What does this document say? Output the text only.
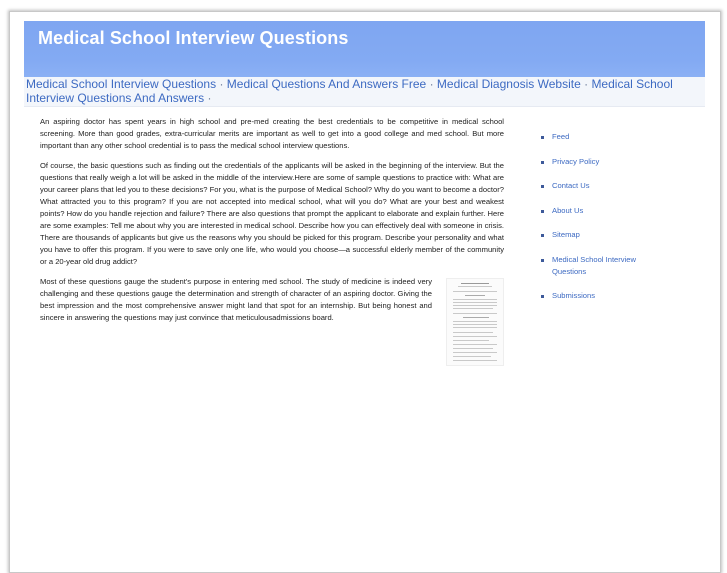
Medical School Interview Questions
Medical School Interview Questions · Medical Questions And Answers Free · Medical Diagnosis Website · Medical School Interview Questions And Answers ·

An aspiring doctor has spent years in high school and pre-med creating the best credentials to be competitive in medical school screening. More than good grades, extra-curricular merits are important as well to get into a good college and med school. But more important than any other school credential is to pass the medical school interview questions.

Of course, the basic questions such as finding out the credentials of the applicants will be asked in the beginning of the interview. But the questions that really weigh a lot will be asked in the middle of the interview.Here are some of sample questions to practice with: What are your career plans that led you to these decisions? For you, what is the purpose of Medical School? Why do you want to become a doctor? What attracted you to this program? If you are not accepted into medical school, what will you do? What are your best and weakest points? How do you handle rejection and failure? There are also questions that prompt the applicant to elaborate and explain further. Here are some examples: Tell me about why you are interested in medical school. Describe how you can effectively deal with someone in crisis. There are thousands of applicants but give us the reasons why you should be picked for this program. Describe your personality and what you have to offer this program. If you were to save only one life, who would you choose—a successful elderly member of the community or a 20-year old drug addict?

Most of these questions gauge the student's purpose in entering med school. The study of medicine is indeed very challenging and these questions gauge the determination and strength of character of an aspiring doctor. Giving the best impression and the most comprehensive answer might land that spot for an internship. But being honest and sincere in answering the questions may just convince that meticulousadmissions board.

Feed
Privacy Policy
Contact Us
About Us
Sitemap
Medical School Interview Questions
Submissions
